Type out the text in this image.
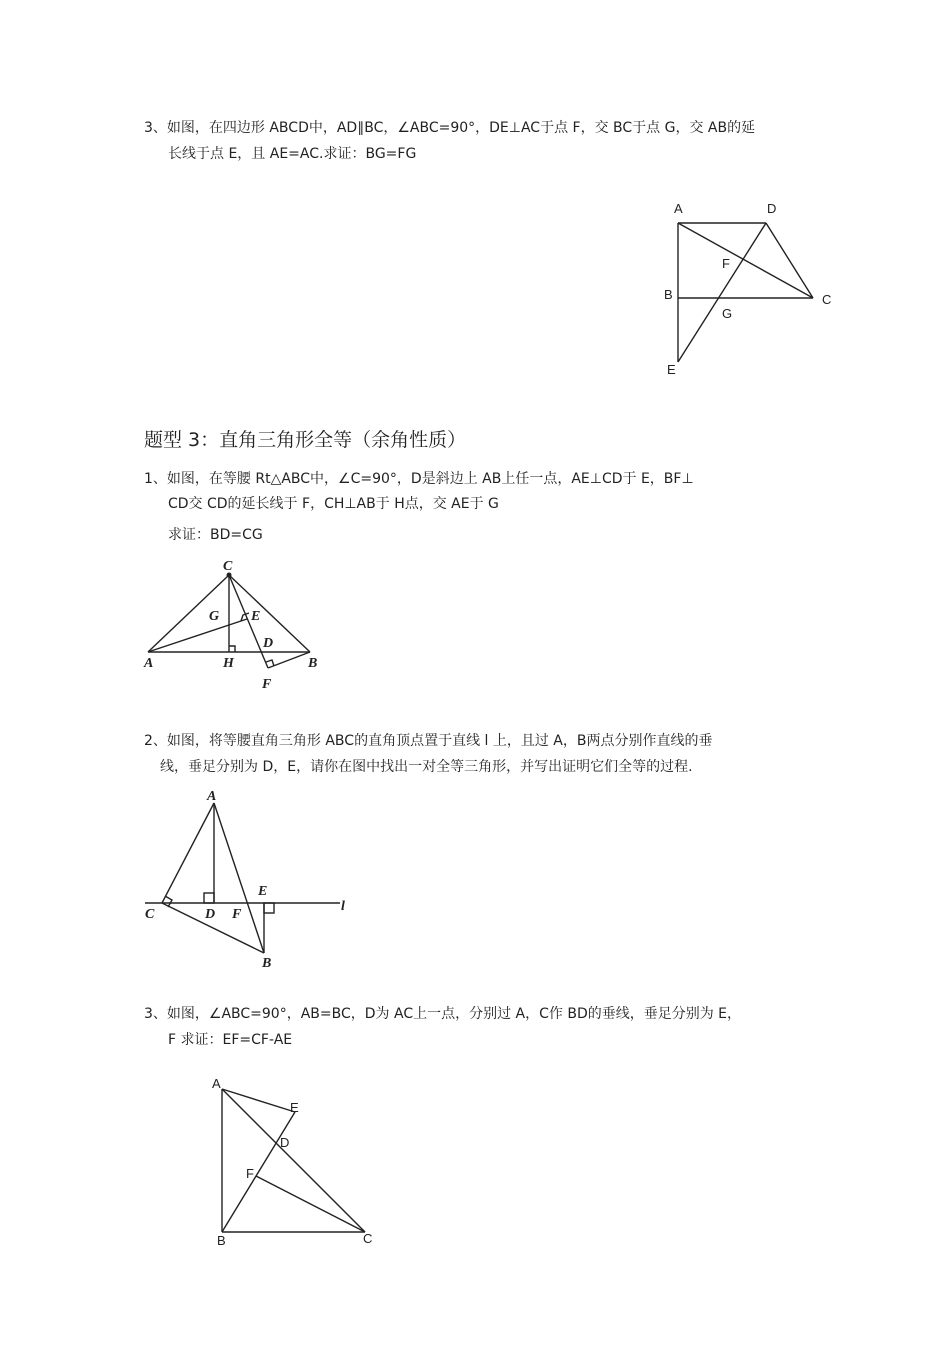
3、如图，在四边形 ABCD中，AD∥BC，∠ABC=90°，DE⊥AC于点 F，交 BC于点 G，交 AB的延
长线于点 E，且 AE=AC.求证：BG=FG
A	D
F
B	C
G
E
题型 3：直角三角形全等（余角性质）
1、如图，在等腰 Rt△ABC中，∠C=90°，D是斜边上 AB上任一点，AE⊥CD于 E，BF⊥
CD交 CD的延长线于 F，CH⊥AB于 H点，交 AE于 G
求证：BD=CG
C
G E
D
A	H	B
F
2、如图，将等腰直角三角形 ABC的直角顶点置于直线 l 上，且过 A，B两点分别作直线的垂
线，垂足分别为 D，E，请你在图中找出一对全等三角形，并写出证明它们全等的过程.
A
C	D F
E
l
B
3、如图，∠ABC=90°，AB=BC，D为 AC上一点，分别过 A，C作 BD的垂线，垂足分别为 E，
F 求证：EF=CF-AE
A
E
D
F
B	C
